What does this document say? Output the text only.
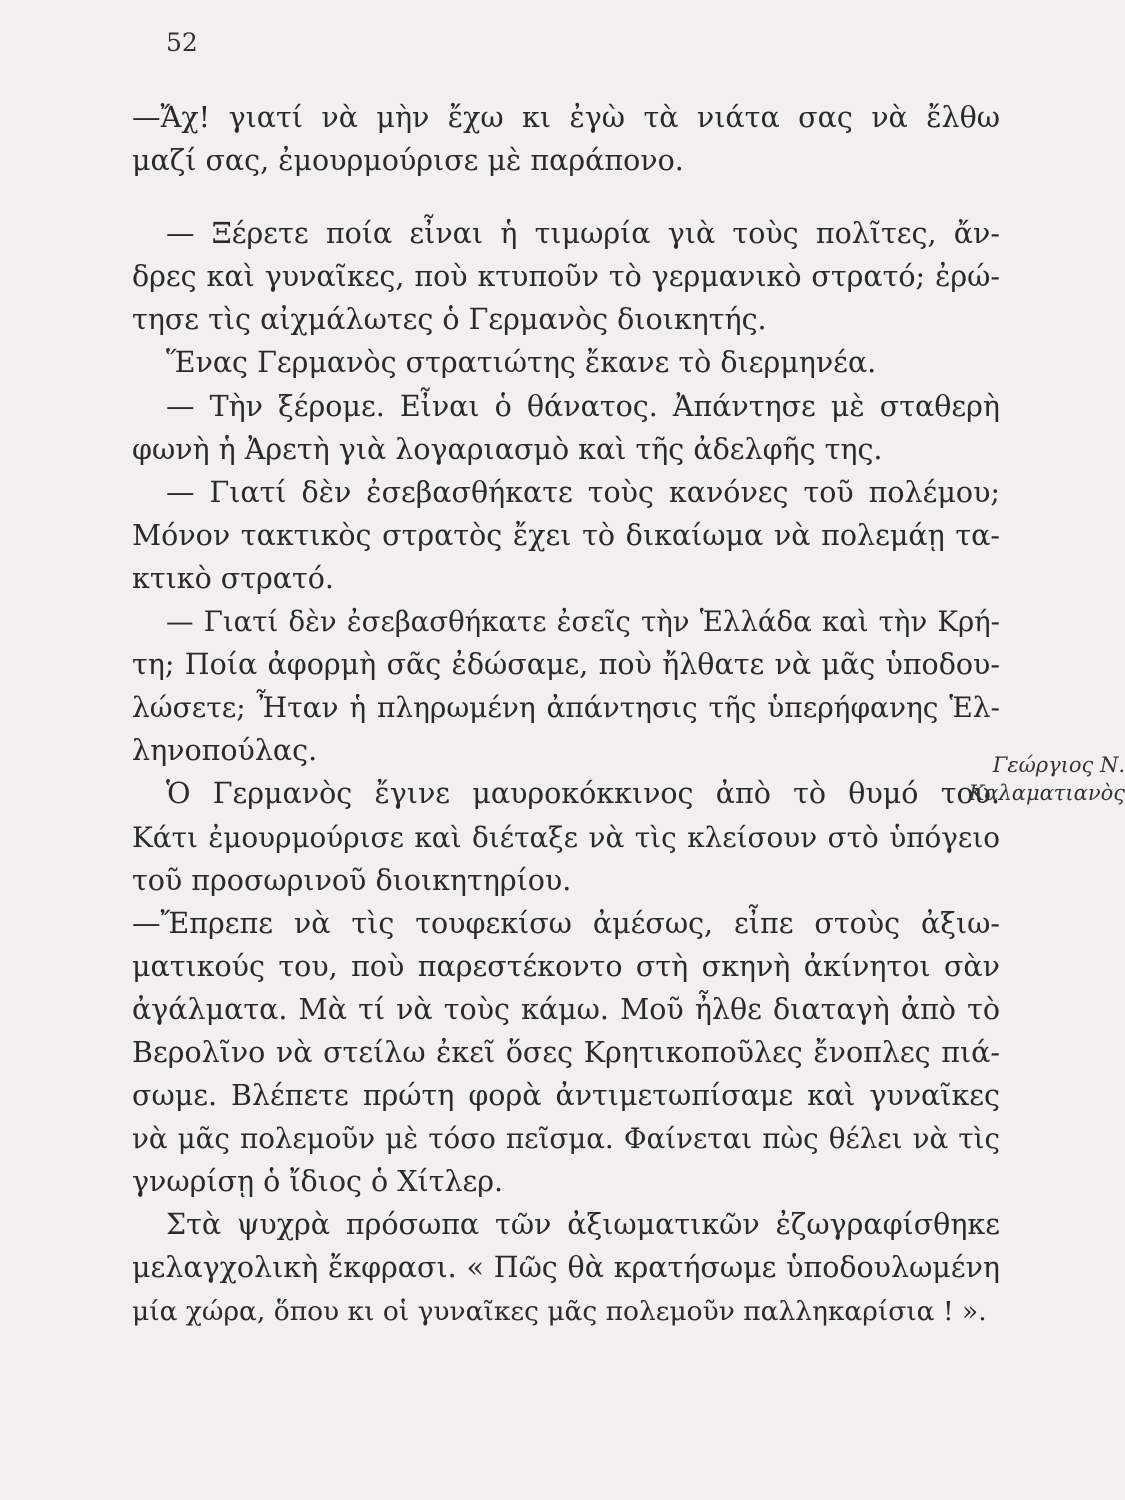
52
—Ἄχ! γιατί νὰ μὴν ἔχω κι ἐγὼ τὰ νιάτα σας νὰ ἔλθω
μαζί σας, ἐμουρμούρισε μὲ παράπονο.
— Ξέρετε ποία εἶναι ἡ τιμωρία γιὰ τοὺς πολῖτες, ἄν-
δρες καὶ γυναῖκες, ποὺ κτυποῦν τὸ γερμανικὸ στρατό; ἐρώ-
τησε τὶς αἰχμάλωτες ὁ Γερμανὸς διοικητής.
Ἕνας Γερμανὸς στρατιώτης ἔκανε τὸ διερμηνέα.
— Τὴν ξέρομε. Εἶναι ὁ θάνατος. Ἀπάντησε μὲ σταθερὴ
φωνὴ ἡ Ἀρετὴ γιὰ λογαριασμὸ καὶ τῆς ἀδελφῆς της.
— Γιατί δὲν ἐσεβασθήκατε τοὺς κανόνες τοῦ πολέμου;
Μόνον τακτικὸς στρατὸς ἔχει τὸ δικαίωμα νὰ πολεμάῃ τα-
κτικὸ στρατό.
— Γιατί δὲν ἐσεβασθήκατε ἐσεῖς τὴν Ἑλλάδα καὶ τὴν Κρή-
τη; Ποία ἀφορμὴ σᾶς ἐδώσαμε, ποὺ ἤλθατε νὰ μᾶς ὑποδου-
λώσετε; Ἦταν ἡ πληρωμένη ἀπάντησις τῆς ὑπερήφανης Ἑλ-
ληνοπούλας.
Ὁ Γερμανὸς ἔγινε μαυροκόκκινος ἀπὸ τὸ θυμό του.
Κάτι ἐμουρμούρισε καὶ διέταξε νὰ τὶς κλείσουν στὸ ὑπόγειο
τοῦ προσωρινοῦ διοικητηρίου.
—Ἔπρεπε νὰ τὶς τουφεκίσω ἀμέσως, εἶπε στοὺς ἀξιω-
ματικούς του, ποὺ παρεστέκοντο στὴ σκηνὴ ἀκίνητοι σὰν
ἀγάλματα. Μὰ τί νὰ τοὺς κάμω. Μοῦ ἦλθε διαταγὴ ἀπὸ τὸ
Βερολῖνο νὰ στείλω ἐκεῖ ὅσες Κρητικοποῦλες ἔνοπλες πιά-
σωμε. Βλέπετε πρώτη φορὰ ἀντιμετωπίσαμε καὶ γυναῖκες
νὰ μᾶς πολεμοῦν μὲ τόσο πεῖσμα. Φαίνεται πὼς θέλει νὰ τὶς
γνωρίσῃ ὁ ἴδιος ὁ Χίτλερ.
Στὰ ψυχρὰ πρόσωπα τῶν ἀξιωματικῶν ἐζωγραφίσθηκε
μελαγχολικὴ ἔκφρασι. « Πῶς θὰ κρατήσωμε ὑποδουλωμένη
μία χώρα, ὅπου κι οἱ γυναῖκες μᾶς πολεμοῦν παλληκαρίσια ! ».
Γεώργιος Ν. Καλαματιανὸς
